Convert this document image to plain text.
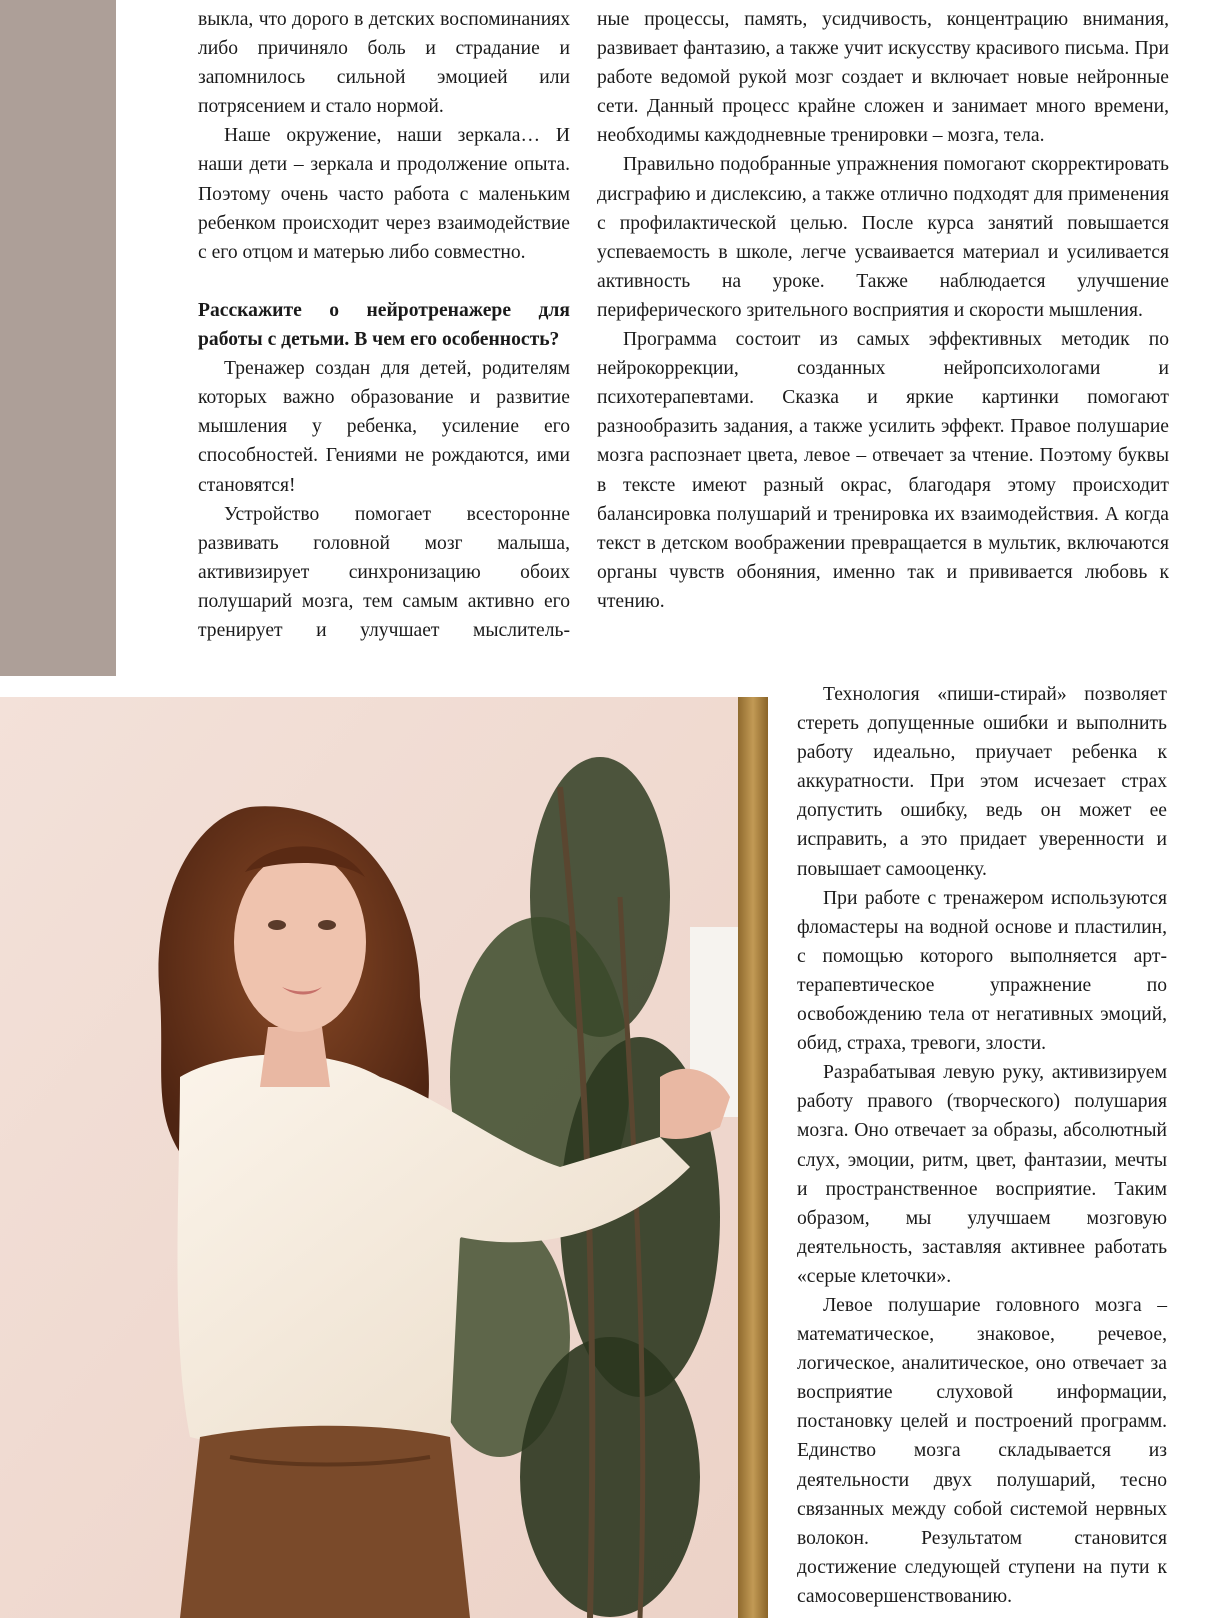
выкла, что дорого в детских воспоминаниях либо причиняло боль и страдание и запомнилось сильной эмоцией или потрясением и стало нормой.

Наше окружение, наши зеркала… И наши дети – зеркала и продолжение опыта. Поэтому очень часто работа с маленьким ребенком происходит через взаимодействие с его отцом и матерью либо совместно.

Расскажите о нейротренажере для работы с детьми. В чем его особенность?

Тренажер создан для детей, родителям которых важно образование и развитие мышления у ребенка, усиление его способностей. Гениями не рождаются, ими становятся!

Устройство помогает всесторонне развивать головной мозг малыша, активизирует синхронизацию обоих полушарий мозга, тем самым активно его тренирует и улучшает мыслитель-

ные процессы, память, усидчивость, концентрацию внимания, развивает фантазию, а также учит искусству красивого письма. При работе ведомой рукой мозг создает и включает новые нейронные сети. Данный процесс крайне сложен и занимает много времени, необходимы каждодневные тренировки – мозга, тела.

Правильно подобранные упражнения помогают скорректировать дисграфию и дислексию, а также отлично подходят для применения с профилактической целью. После курса занятий повышается успеваемость в школе, легче усваивается материал и усиливается активность на уроке. Также наблюдается улучшение периферического зрительного восприятия и скорости мышления.

Программа состоит из самых эффективных методик по нейрокоррекции, созданных нейропсихологами и психотерапевтами. Сказка и яркие картинки помогают разнообразить задания, а также усилить эффект. Правое полушарие мозга распознает цвета, левое – отвечает за чтение. Поэтому буквы в тексте имеют разный окрас, благодаря этому происходит балансировка полушарий и тренировка их взаимодействия. А когда текст в детском воображении превращается в мультик, включаются органы чувств обоняния, именно так и прививается любовь к чтению.

Технология «пиши-стирай» позволяет стереть допущенные ошибки и выполнить работу идеально, приучает ребенка к аккуратности. При этом исчезает страх допустить ошибку, ведь он может ее исправить, а это придает уверенности и повышает самооценку.

При работе с тренажером используются фломастеры на водной основе и пластилин, с помощью которого выполняется арт-терапевтическое упражнение по освобождению тела от негативных эмоций, обид, страха, тревоги, злости.

Разрабатывая левую руку, активизируем работу правого (творческого) полушария мозга. Оно отвечает за образы, абсолютный слух, эмоции, ритм, цвет, фантазии, мечты и пространственное восприятие. Таким образом, мы улучшаем мозговую деятельность, заставляя активнее работать «серые клеточки».

Левое полушарие головного мозга – математическое, знаковое, речевое, логическое, аналитическое, оно отвечает за восприятие слуховой информации, постановку целей и построений программ. Единство мозга складывается из деятельности двух полушарий, тесно связанных между собой системой нервных волокон. Результатом становится достижение следующей ступени на пути к самосовершенствованию.
